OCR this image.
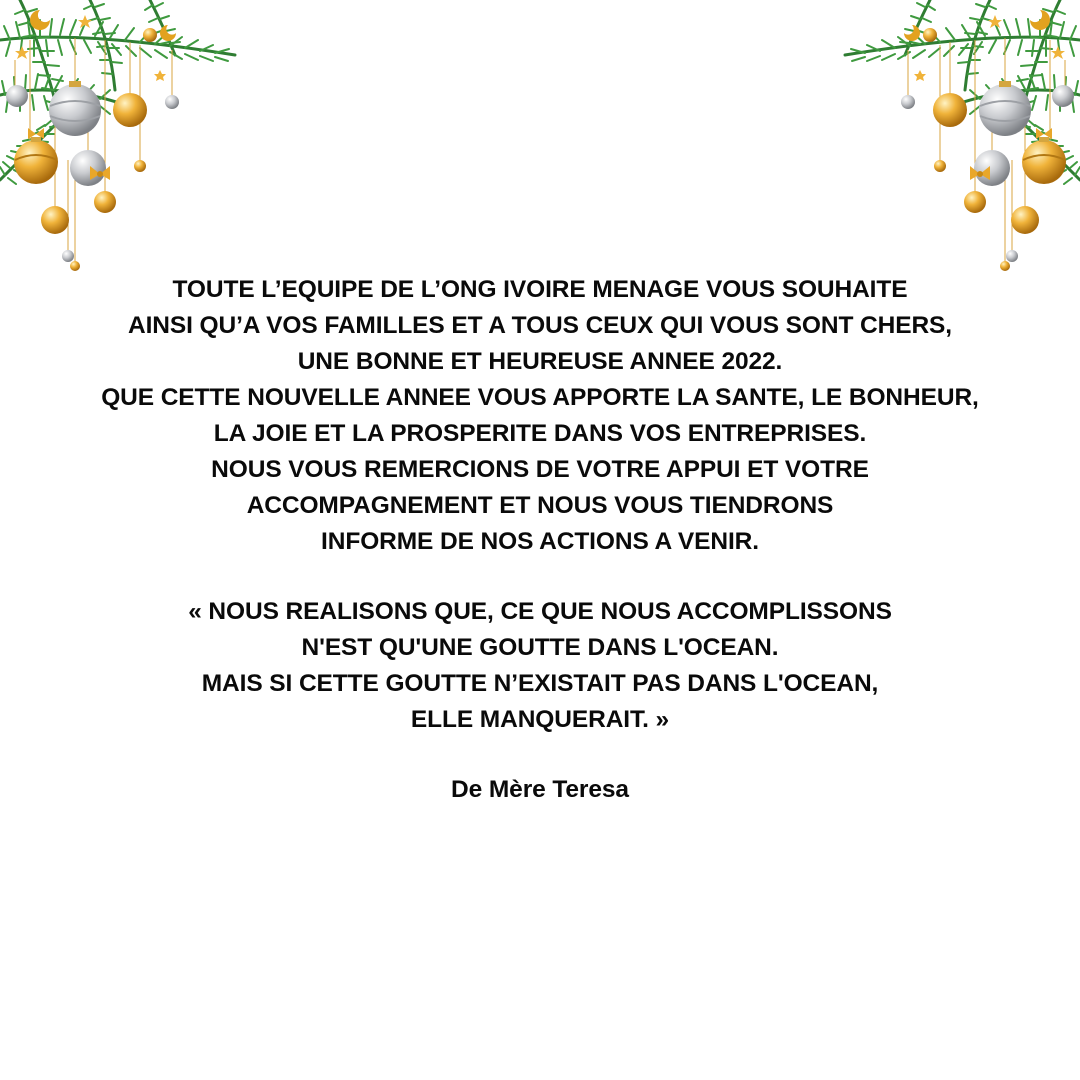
TOUTE L’EQUIPE DE L’ONG IVOIRE MENAGE VOUS SOUHAITE
AINSI QU’A VOS FAMILLES ET A TOUS CEUX QUI VOUS SONT CHERS,
UNE BONNE ET HEUREUSE ANNEE 2022.
QUE CETTE NOUVELLE ANNEE VOUS APPORTE LA SANTE, LE BONHEUR,
LA JOIE ET LA PROSPERITE DANS VOS ENTREPRISES.
NOUS VOUS REMERCIONS DE VOTRE APPUI ET VOTRE
ACCOMPAGNEMENT ET NOUS VOUS TIENDRONS
INFORME DE NOS ACTIONS A VENIR.
« NOUS REALISONS QUE, CE QUE NOUS ACCOMPLISSONS
N'EST QU'UNE GOUTTE DANS L'OCEAN.
MAIS SI CETTE GOUTTE N’EXISTAIT PAS DANS L'OCEAN,
ELLE MANQUERAIT. »
De Mère Teresa
